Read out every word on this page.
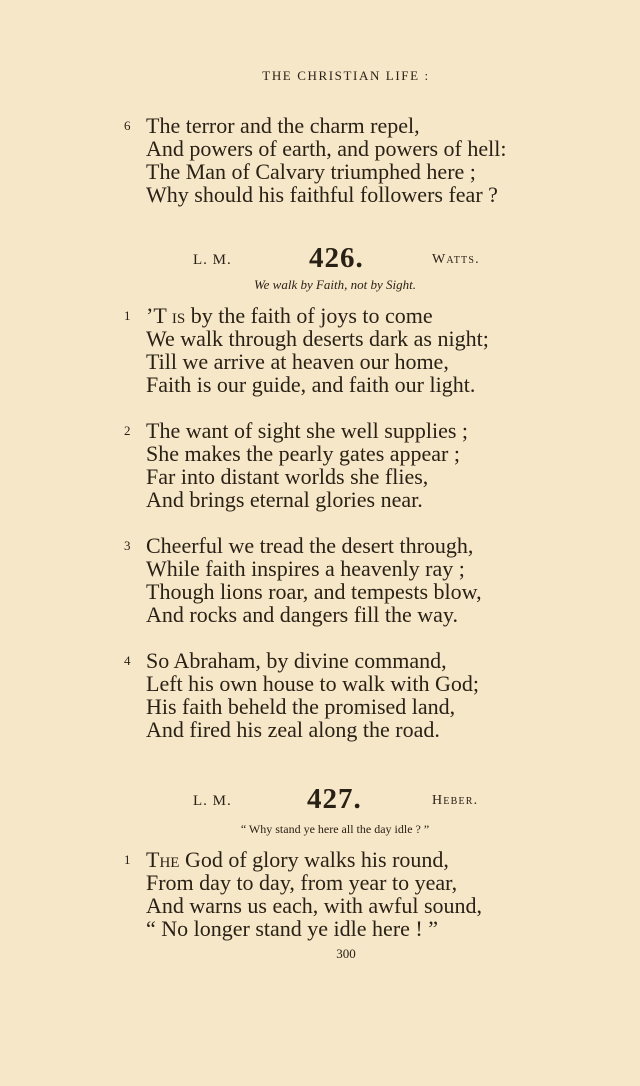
THE CHRISTIAN LIFE :
6 The terror and the charm repel,
And powers of earth, and powers of hell:
The Man of Calvary triumphed here ;
Why should his faithful followers fear ?
L. M.	426.	Watts.
We walk by Faith, not by Sight.
1 ’T is by the faith of joys to come
We walk through deserts dark as night;
Till we arrive at heaven our home,
Faith is our guide, and faith our light.
2 The want of sight she well supplies ;
She makes the pearly gates appear ;
Far into distant worlds she flies,
And brings eternal glories near.
3 Cheerful we tread the desert through,
While faith inspires a heavenly ray ;
Though lions roar, and tempests blow,
And rocks and dangers fill the way.
4 So Abraham, by divine command,
Left his own house to walk with God;
His faith beheld the promised land,
And fired his zeal along the road.
L. M.	427.	Heber.
“ Why stand ye here all the day idle ? ”
1 The God of glory walks his round,
From day to day, from year to year,
And warns us each, with awful sound,
“ No longer stand ye idle here ! ”
300
